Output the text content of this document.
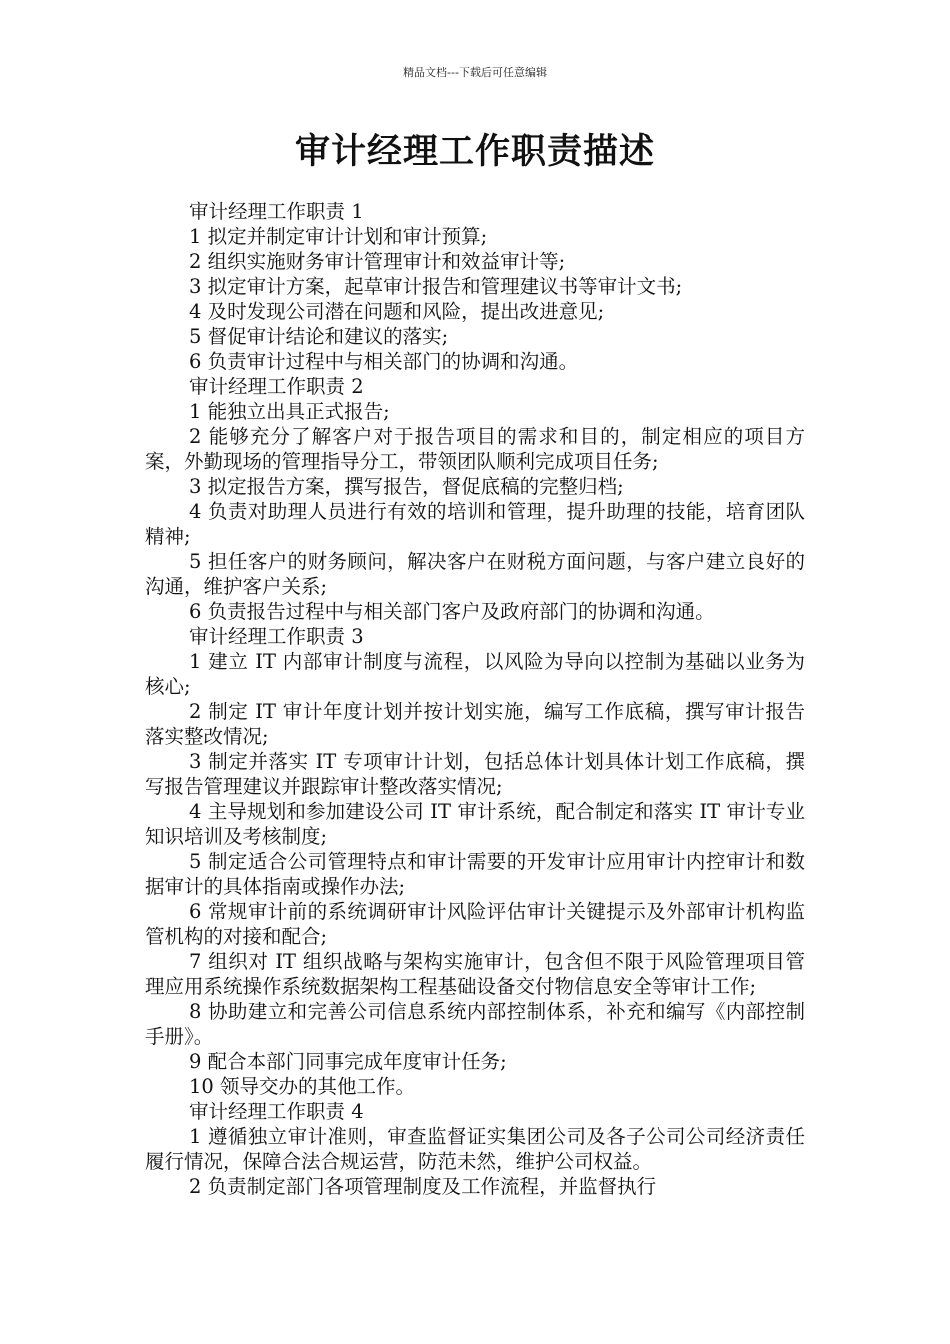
精品文档---下载后可任意编辑
审计经理工作职责描述

审计经理工作职责 1

1 拟定并制定审计计划和审计预算;

2 组织实施财务审计管理审计和效益审计等;

3 拟定审计方案，起草审计报告和管理建议书等审计文书;

4 及时发现公司潜在问题和风险，提出改进意见;

5 督促审计结论和建议的落实;

6 负责审计过程中与相关部门的协调和沟通。

审计经理工作职责 2

1 能独立出具正式报告;

2 能够充分了解客户对于报告项目的需求和目的，制定相应的项目方案，外勤现场的管理指导分工，带领团队顺利完成项目任务;

3 拟定报告方案，撰写报告，督促底稿的完整归档;

4 负责对助理人员进行有效的培训和管理，提升助理的技能，培育团队精神;

5 担任客户的财务顾问，解决客户在财税方面问题，与客户建立良好的沟通，维护客户关系;

6 负责报告过程中与相关部门客户及政府部门的协调和沟通。

审计经理工作职责 3

1 建立 IT 内部审计制度与流程，以风险为导向以控制为基础以业务为核心;

2 制定 IT 审计年度计划并按计划实施，编写工作底稿，撰写审计报告落实整改情况;

3 制定并落实 IT 专项审计计划，包括总体计划具体计划工作底稿，撰写报告管理建议并跟踪审计整改落实情况;

4 主导规划和参加建设公司 IT 审计系统，配合制定和落实 IT 审计专业知识培训及考核制度;

5 制定适合公司管理特点和审计需要的开发审计应用审计内控审计和数据审计的具体指南或操作办法;

6 常规审计前的系统调研审计风险评估审计关键提示及外部审计机构监管机构的对接和配合;

7 组织对 IT 组织战略与架构实施审计，包含但不限于风险管理项目管理应用系统操作系统数据架构工程基础设备交付物信息安全等审计工作;

8 协助建立和完善公司信息系统内部控制体系，补充和编写《内部控制手册》。

9 配合本部门同事完成年度审计任务;

10 领导交办的其他工作。

审计经理工作职责 4

1 遵循独立审计准则，审查监督证实集团公司及各子公司公司经济责任履行情况，保障合法合规运营，防范未然，维护公司权益。

2 负责制定部门各项管理制度及工作流程，并监督执行
